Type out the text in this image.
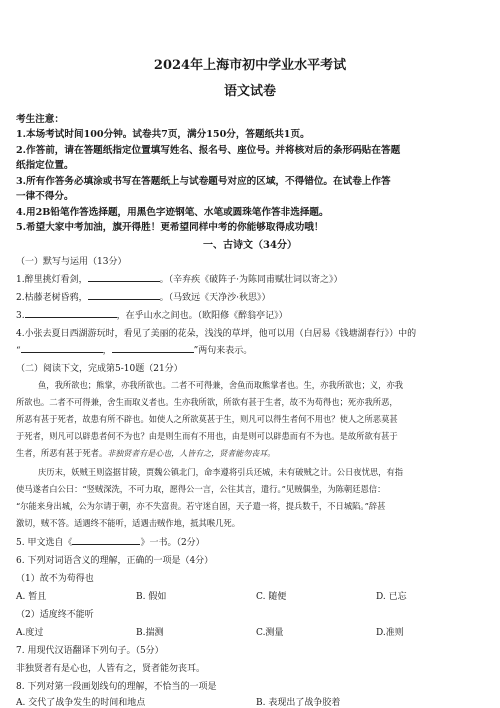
2024年上海市初中学业水平考试
语文试卷
考生注意：
1.本场考试时间100分钟。试卷共7页，满分150分，答题纸共1页。
2.作答前，请在答题纸指定位置填写姓名、报名号、座位号。并将核对后的条形码贴在答题
纸指定位置。
3.所有作答务必填涂或书写在答题纸上与试卷题号对应的区域，不得错位。在试卷上作答
一律不得分。
4.用2B铅笔作答选择题，用黑色字迹钢笔、水笔或圆珠笔作答非选择题。
5.希望大家中考加油，旗开得胜！更希望同样中考的你能够取得成功哦！
一、古诗文（34分）
（一）默写与运用（13分）
1.醉里挑灯看剑，	。（辛弃疾《破阵子·为陈同甫赋壮词以寄之》）
2.枯藤老树昏鸦，	。（马致远《天净沙·秋思》）
3.	，在乎山水之间也。（欧阳修《醉翁亭记》）
4.小张去夏日西湖游玩时，看见了美丽的花朵，浅浅的草坪，他可以用（白居易《钱塘湖春行》）中的
“	，	”两句来表示。
（二）阅读下文，完成第5-10题（21分）
鱼，我所欲也；熊掌，亦我所欲也。二者不可得兼，舍鱼而取熊掌者也。生，亦我所欲也；义，亦我
所欲也。二者不可得兼，舍生而取义者也。生亦我所欲，所欲有甚于生者，故不为苟得也；死亦我所恶，
所恶有甚于死者，故患有所不辟也。如使人之所欲莫甚于生，则凡可以得生者何不用也？使人之所恶莫甚
于死者，则凡可以辟患者何不为也？由是则生而有不用也，由是则可以辟患而有不为也。是故所欲有甚于
生者，所恶有甚于死者。非独贤者有是心也，人皆有之，贤者能勿丧耳。
庆历末，妖贼王则盗据甘陵，贾魏公镇北门，命李遵将引兵还城，未有破贼之计。公日夜忧思，有指
使马遂者白公曰：“竖贼深洗，不可力取，愿得公一言，公往其言，遣行。”见贼偶坐，为陈朝廷恩信：
“尔能来身出城，公为尔请于朝，亦不失富贵。若守迷自固，天子遣一将，提兵数千，不日城陷。”辞甚
激切，贼不答。适遇终不能听，适遇击贼作地，抵其喉几死。
5. 甲文选自《	》一书。（2分）
6. 下列对词语含义的理解，正确的一项是（4分）
（1）故不为苟得也
A. 暂且	B. 假如	C. 随便	D. 已忘
（2）适度终不能听
A.度过	B.揣测	C.测量	D.准则
7. 用现代汉语翻译下列句子。（5分）
非独贤者有是心也，人皆有之，贤者能勿丧耳。
8. 下列对第一段画划线句的理解，不恰当的一项是
A. 交代了战争发生的时间和地点	B. 表现出了战争胶着
